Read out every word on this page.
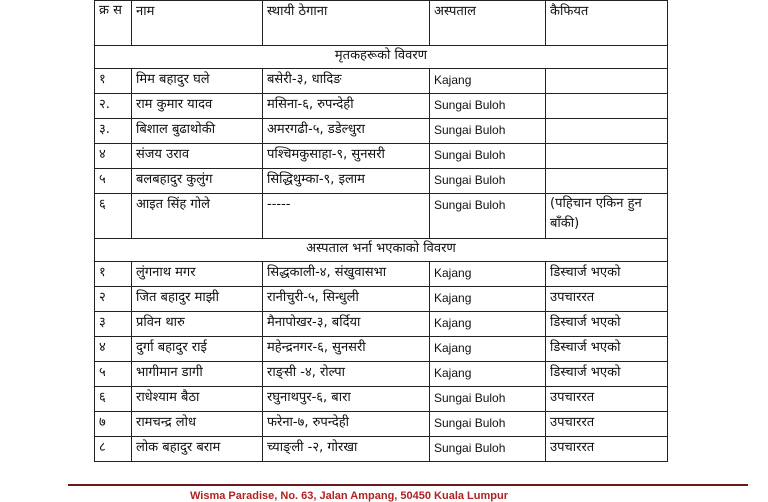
क्र स	नाम	स्थायी ठेगाना	अस्पताल	कैफियत
मृतकहरूको विवरण				
१	मिम बहादुर घले	बसेरी-३, धादिङ	Kajang	
२.	राम कुमार यादव	मसिना-६, रुपन्देही	Sungai Buloh	
३.	बिशाल बुढाथोकी	अमरगढी-५, डडेल्धुरा	Sungai Buloh	
४	संजय उराव	पश्चिमकुसाहा-९, सुनसरी	Sungai Buloh	
५	बलबहादुर कुलुंग	सिद्धिथुम्का-९, इलाम	Sungai Buloh	
६	आइत सिंह गोले	-----	Sungai Buloh	(पहिचान एकिन हुन बाँकी)
अस्पताल भर्ना भएकाको विवरण				
१	लुंगनाथ मगर	सिद्धकाली-४, संखुवासभा	Kajang	डिस्चार्ज भएको
२	जित बहादुर माझी	रानीचुरी-५, सिन्धुली	Kajang	उपचाररत
३	प्रविन थारु	मैनापोखर-३, बर्दिया	Kajang	डिस्चार्ज भएको
४	दुर्गा बहादुर राई	महेन्द्रनगर-६, सुनसरी	Kajang	डिस्चार्ज भएको
५	भागीमान डागी	राङ्सी -४, रोल्पा	Kajang	डिस्चार्ज भएको
६	राधेश्याम बैठा	रघुनाथपुर-६, बारा	Sungai Buloh	उपचाररत
७	रामचन्द्र लोध	फरेना-७, रुपन्देही	Sungai Buloh	उपचाररत
८	लोक बहादुर बराम	च्याङ्ली -२, गोरखा	Sungai Buloh	उपचाररत
Wisma Paradise, No. 63, Jalan Ampang, 50450 Kuala Lumpur
